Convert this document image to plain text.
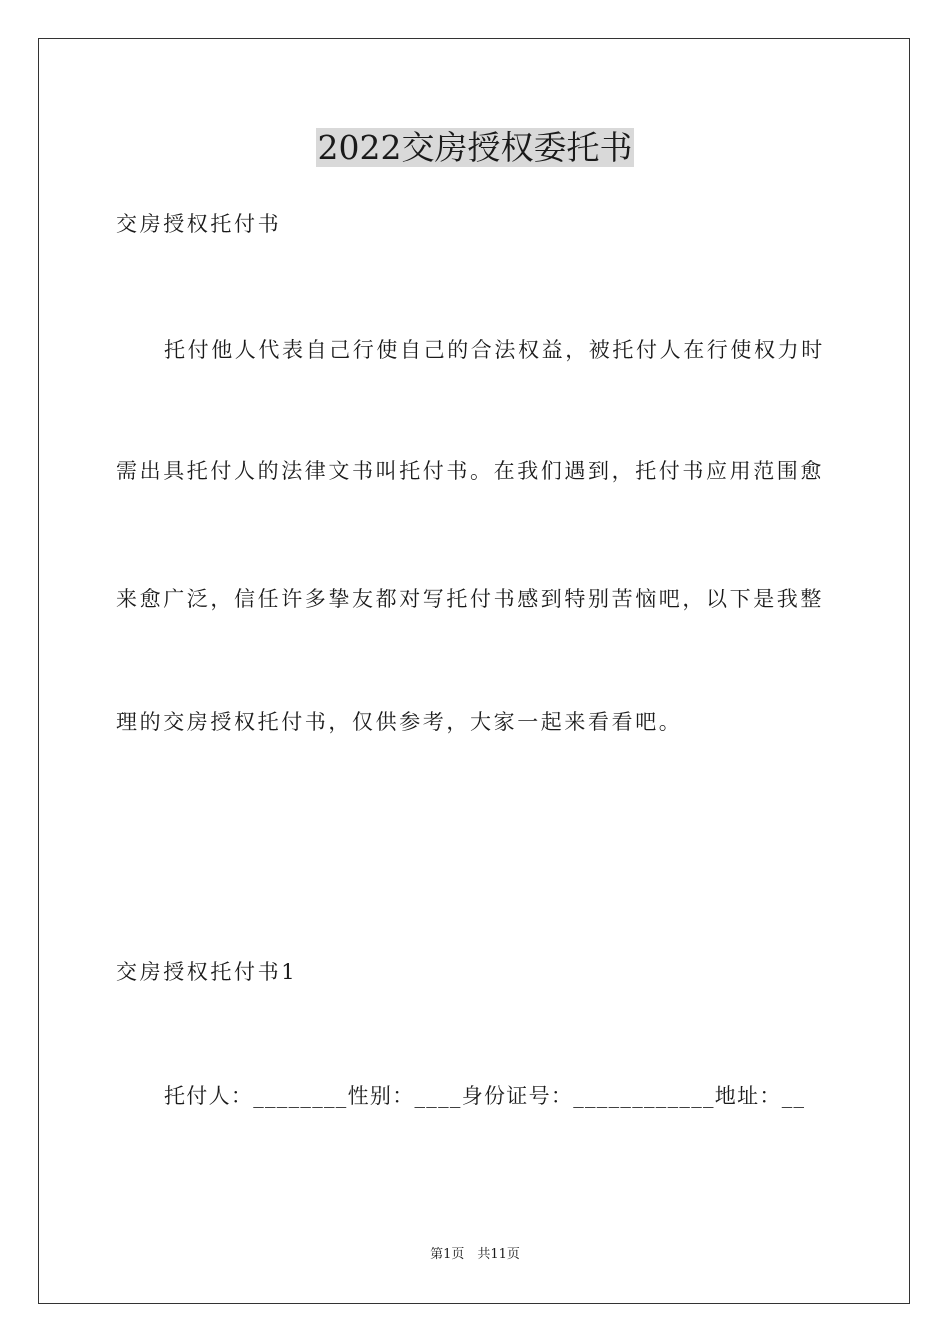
2022交房授权委托书
交房授权托付书
托付他人代表自己行使自己的合法权益，被托付人在行使权力时
需出具托付人的法律文书叫托付书。在我们遇到，托付书应用范围愈
来愈广泛，信任许多挚友都对写托付书感到特别苦恼吧，以下是我整
理的交房授权托付书，仅供参考，大家一起来看看吧。
交房授权托付书1
托付人：________性别：____身份证号：____________地址：__
第1页　共11页
